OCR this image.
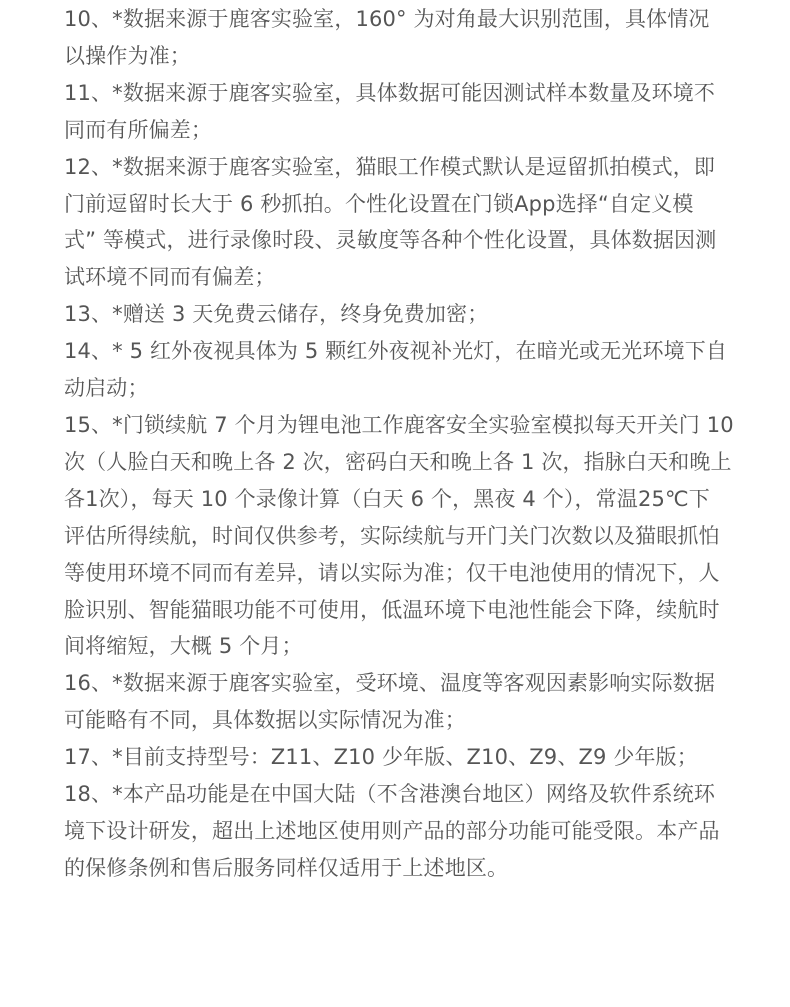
10、*数据来源于鹿客实验室，160° 为对角最大识别范围，具体情况
以操作为准；

11、*数据来源于鹿客实验室，具体数据可能因测试样本数量及环境不
同而有所偏差；

12、*数据来源于鹿客实验室，猫眼工作模式默认是逗留抓拍模式，即
门前逗留时长大于 6 秒抓拍。个性化设置在门锁App选择“自定义模
式” 等模式，进行录像时段、灵敏度等各种个性化设置，具体数据因测
试环境不同而有偏差；

13、*赠送 3 天免费云储存，终身免费加密；

14、* 5 红外夜视具体为 5 颗红外夜视补光灯，在暗光或无光环境下自
动启动；

15、*门锁续航 7 个月为锂电池工作鹿客安全实验室模拟每天开关门 10
次（人脸白天和晚上各 2 次，密码白天和晚上各 1 次，指脉白天和晚上
各1次），每天 10 个录像计算（白天 6 个，黑夜 4 个），常温25℃下
评估所得续航，时间仅供参考，实际续航与开门关门次数以及猫眼抓怕
等使用环境不同而有差异，请以实际为准；仅干电池使用的情况下，人
脸识别、智能猫眼功能不可使用，低温环境下电池性能会下降，续航时
间将缩短，大概 5 个月；

16、*数据来源于鹿客实验室，受环境、温度等客观因素影响实际数据
可能略有不同，具体数据以实际情况为准；

17、*目前支持型号：Z11、Z10 少年版、Z10、Z9、Z9 少年版；

18、*本产品功能是在中国大陆（不含港澳台地区）网络及软件系统环
境下设计研发，超出上述地区使用则产品的部分功能可能受限。本产品
的保修条例和售后服务同样仅适用于上述地区。
